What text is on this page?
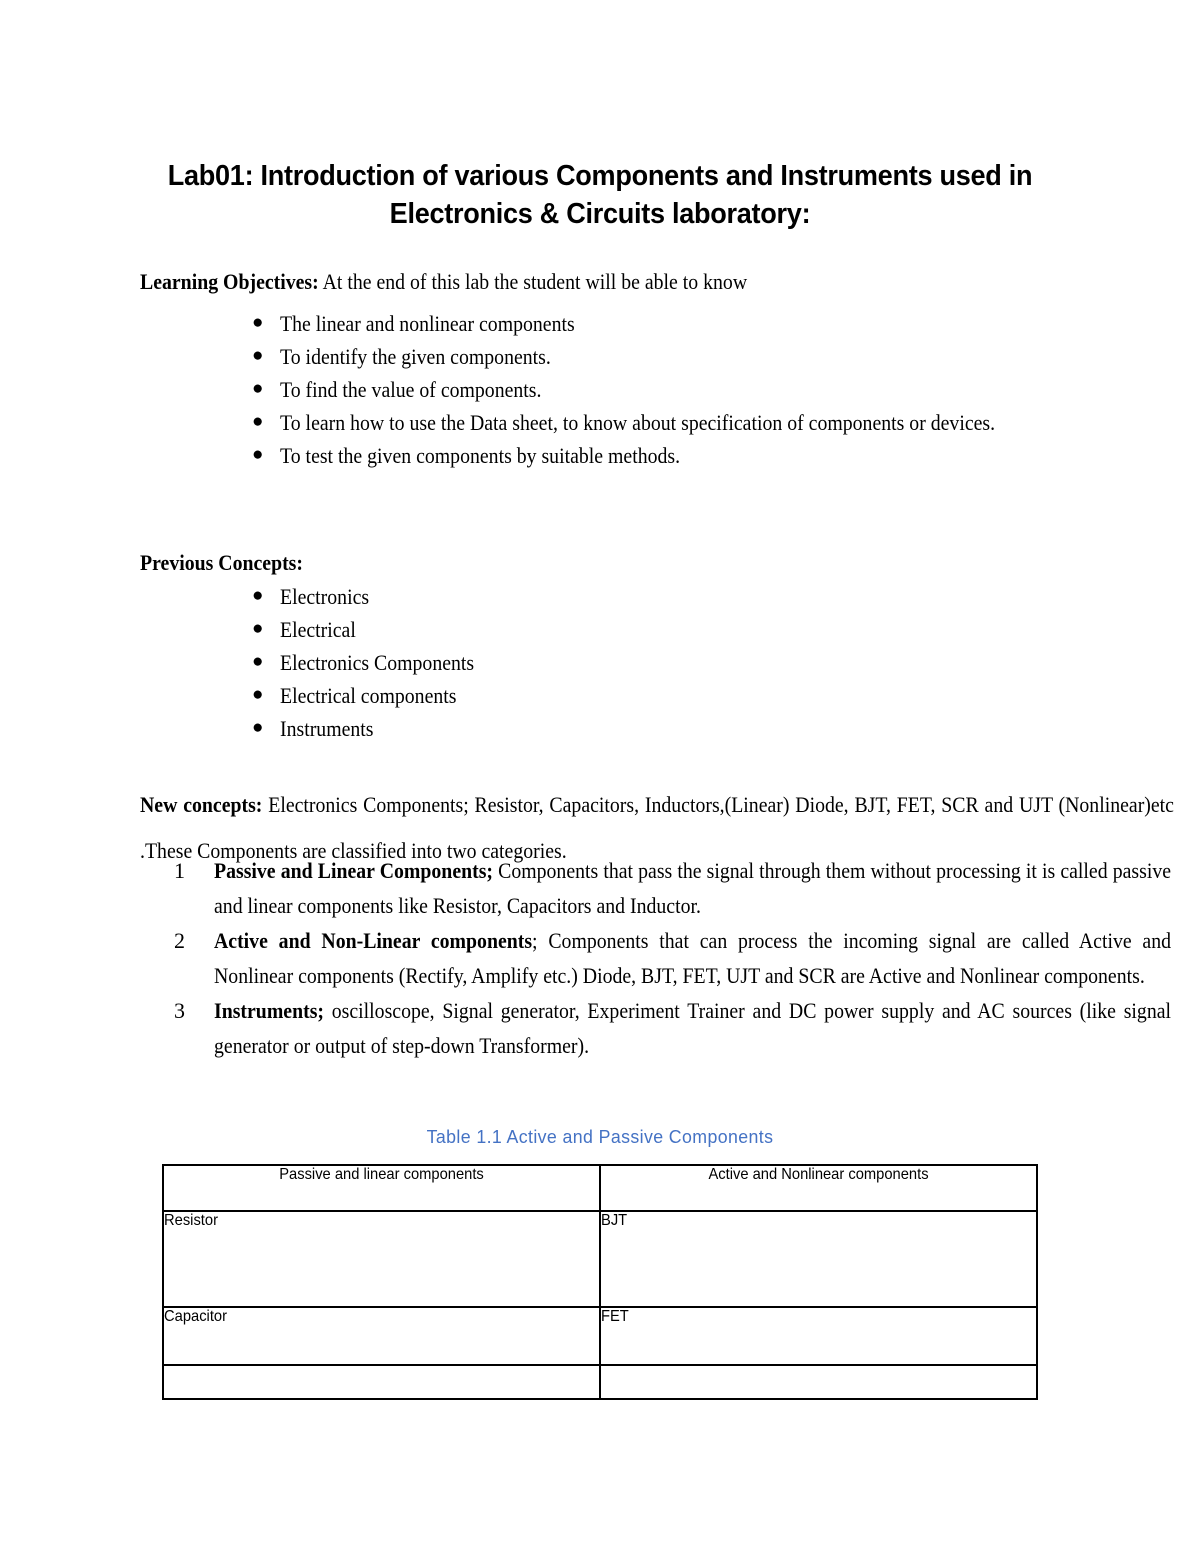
Lab01: Introduction of various Components and Instruments used in Electronics & Circuits laboratory:

Learning Objectives: At the end of this lab the student will be able to know

● The linear and nonlinear components
● To identify the given components.
● To find the value of components.
● To learn how to use the Data sheet, to know about specification of components or devices.
● To test the given components by suitable methods.

Previous Concepts:

● Electronics
● Electrical
● Electronics Components
● Electrical components
● Instruments

New concepts: Electronics Components; Resistor, Capacitors, Inductors,(Linear) Diode, BJT, FET, SCR and UJT (Nonlinear)etc .These Components are classified into two categories.

1 Passive and Linear Components; Components that pass the signal through them without processing it is called passive and linear components like Resistor, Capacitors and Inductor.
2 Active and Non-Linear components; Components that can process the incoming signal are called Active and Nonlinear components (Rectify, Amplify etc.) Diode, BJT, FET, UJT and SCR are Active and Nonlinear components.
3 Instruments; oscilloscope, Signal generator, Experiment Trainer and DC power supply and AC sources (like signal generator or output of step-down Transformer).
Table 1.1 Active and Passive Components
Passive and linear components	Active and Nonlinear components

Resistor	BJT

Capacitor	FET
